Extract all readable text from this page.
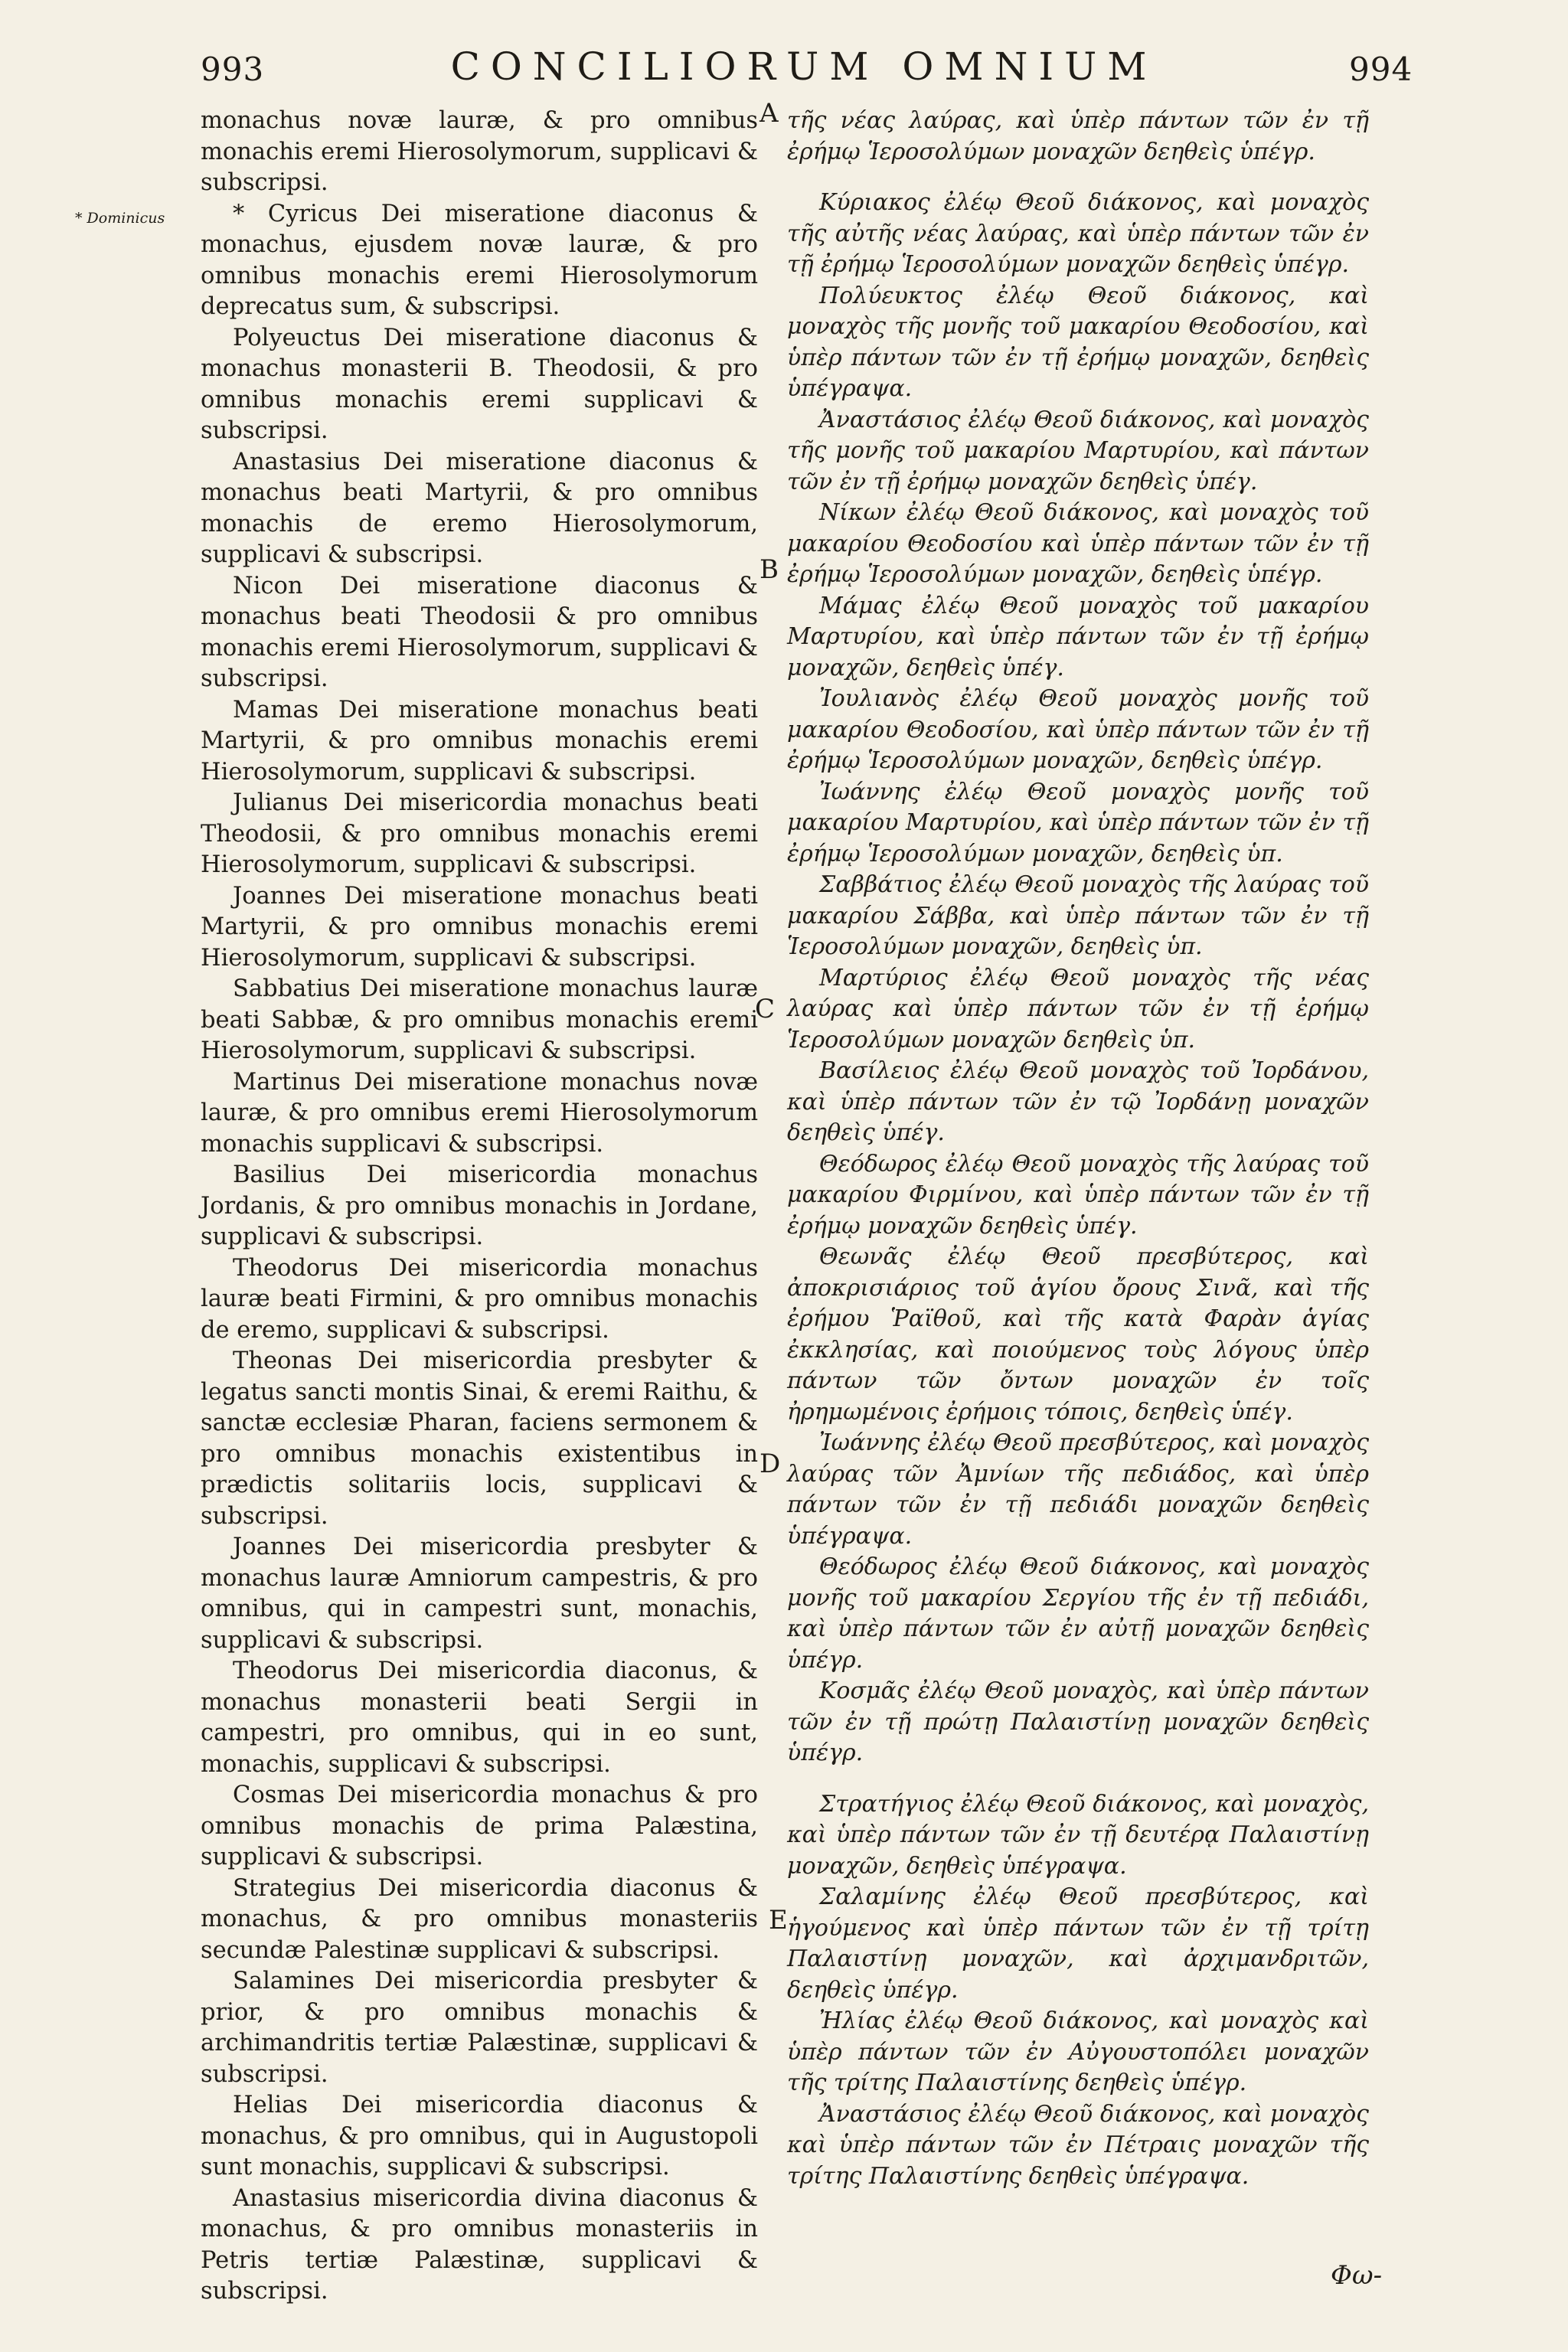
993	CONCILIORUM OMNIUM	994
* Dominicus
A
B
C
D
E

monachus novæ lauræ, & pro omnibus monachis eremi Hierosolymorum, supplicavi & subscripsi.

* Cyricus Dei miseratione diaconus & monachus, ejusdem novæ lauræ, & pro omnibus monachis eremi Hierosolymorum deprecatus sum, & subscripsi.

Polyeuctus Dei miseratione diaconus & monachus monasterii B. Theodosii, & pro omnibus monachis eremi supplicavi & subscripsi.

Anastasius Dei miseratione diaconus & monachus beati Martyrii, & pro omnibus monachis de eremo Hierosolymorum, supplicavi & subscripsi.

Nicon Dei miseratione diaconus & monachus beati Theodosii & pro omnibus monachis eremi Hierosolymorum, supplicavi & subscripsi.

Mamas Dei miseratione monachus beati Martyrii, & pro omnibus monachis eremi Hierosolymorum, supplicavi & subscripsi.

Julianus Dei misericordia monachus beati Theodosii, & pro omnibus monachis eremi Hierosolymorum, supplicavi & subscripsi.

Joannes Dei miseratione monachus beati Martyrii, & pro omnibus monachis eremi Hierosolymorum, supplicavi & subscripsi.

Sabbatius Dei miseratione monachus lauræ beati Sabbæ, & pro omnibus monachis eremi Hierosolymorum, supplicavi & subscripsi.

Martinus Dei miseratione monachus novæ lauræ, & pro omnibus eremi Hierosolymorum monachis supplicavi & subscripsi.

Basilius Dei misericordia monachus Jordanis, & pro omnibus monachis in Jordane, supplicavi & subscripsi.

Theodorus Dei misericordia monachus lauræ beati Firmini, & pro omnibus monachis de eremo, supplicavi & subscripsi.

Theonas Dei misericordia presbyter & legatus sancti montis Sinai, & eremi Raithu, & sanctæ ecclesiæ Pharan, faciens sermonem & pro omnibus monachis existentibus in prædictis solitariis locis, supplicavi & subscripsi.

Joannes Dei misericordia presbyter & monachus lauræ Amniorum campestris, & pro omnibus, qui in campestri sunt, monachis, supplicavi & subscripsi.

Theodorus Dei misericordia diaconus, & monachus monasterii beati Sergii in campestri, pro omnibus, qui in eo sunt, monachis, supplicavi & subscripsi.

Cosmas Dei misericordia monachus & pro omnibus monachis de prima Palæstina, supplicavi & subscripsi.

Strategius Dei misericordia diaconus & monachus, & pro omnibus monasteriis secundæ Palestinæ supplicavi & subscripsi.

Salamines Dei misericordia presbyter & prior, & pro omnibus monachis & archimandritis tertiæ Palæstinæ, supplicavi & subscripsi.

Helias Dei misericordia diaconus & monachus, & pro omnibus, qui in Augustopoli sunt monachis, supplicavi & subscripsi.

Anastasius misericordia divina diaconus & monachus, & pro omnibus monasteriis in Petris tertiæ Palæstinæ, supplicavi & subscripsi.

τῆς νέας λαύρας, καὶ ὑπὲρ πάντων τῶν ἐν τῇ ἐρήμῳ Ἱεροσολύμων μοναχῶν δεηθεὶς ὑπέγρ.

Κύριακος ἐλέῳ Θεοῦ διάκονος, καὶ μοναχὸς τῆς αὐτῆς νέας λαύρας, καὶ ὑπὲρ πάντων τῶν ἐν τῇ ἐρήμῳ Ἱεροσολύμων μοναχῶν δεηθεὶς ὑπέγρ.

Πολύευκτος ἐλέῳ Θεοῦ διάκονος, καὶ μοναχὸς τῆς μονῆς τοῦ μακαρίου Θεοδοσίου, καὶ ὑπὲρ πάντων τῶν ἐν τῇ ἐρήμῳ μοναχῶν, δεηθεὶς ὑπέγραψα.

Ἀναστάσιος ἐλέῳ Θεοῦ διάκονος, καὶ μοναχὸς τῆς μονῆς τοῦ μακαρίου Μαρτυρίου, καὶ πάντων τῶν ἐν τῇ ἐρήμῳ μοναχῶν δεηθεὶς ὑπέγ.

Νίκων ἐλέῳ Θεοῦ διάκονος, καὶ μοναχὸς τοῦ μακαρίου Θεοδοσίου καὶ ὑπὲρ πάντων τῶν ἐν τῇ ἐρήμῳ Ἱεροσολύμων μοναχῶν, δεηθεὶς ὑπέγρ.

Μάμας ἐλέῳ Θεοῦ μοναχὸς τοῦ μακαρίου Μαρτυρίου, καὶ ὑπὲρ πάντων τῶν ἐν τῇ ἐρήμῳ μοναχῶν, δεηθεὶς ὑπέγ.

Ἰουλιανὸς ἐλέῳ Θεοῦ μοναχὸς μονῆς τοῦ μακαρίου Θεοδοσίου, καὶ ὑπὲρ πάντων τῶν ἐν τῇ ἐρήμῳ Ἱεροσολύμων μοναχῶν, δεηθεὶς ὑπέγρ.

Ἰωάννης ἐλέῳ Θεοῦ μοναχὸς μονῆς τοῦ μακαρίου Μαρτυρίου, καὶ ὑπὲρ πάντων τῶν ἐν τῇ ἐρήμῳ Ἱεροσολύμων μοναχῶν, δεηθεὶς ὑπ.

Σαββάτιος ἐλέῳ Θεοῦ μοναχὸς τῆς λαύρας τοῦ μακαρίου Σάββα, καὶ ὑπὲρ πάντων τῶν ἐν τῇ Ἱεροσολύμων μοναχῶν, δεηθεὶς ὑπ.

Μαρτύριος ἐλέῳ Θεοῦ μοναχὸς τῆς νέας λαύρας καὶ ὑπὲρ πάντων τῶν ἐν τῇ ἐρήμῳ Ἱεροσολύμων μοναχῶν δεηθεὶς ὑπ.

Βασίλειος ἐλέῳ Θεοῦ μοναχὸς τοῦ Ἰορδάνου, καὶ ὑπὲρ πάντων τῶν ἐν τῷ Ἰορδάνῃ μοναχῶν δεηθεὶς ὑπέγ.

Θεόδωρος ἐλέῳ Θεοῦ μοναχὸς τῆς λαύρας τοῦ μακαρίου Φιρμίνου, καὶ ὑπὲρ πάντων τῶν ἐν τῇ ἐρήμῳ μοναχῶν δεηθεὶς ὑπέγ.

Θεωνᾶς ἐλέῳ Θεοῦ πρεσβύτερος, καὶ ἀποκρισιάριος τοῦ ἁγίου ὄρους Σινᾶ, καὶ τῆς ἐρήμου Ῥαϊθοῦ, καὶ τῆς κατὰ Φαρὰν ἁγίας ἐκκλησίας, καὶ ποιούμενος τοὺς λόγους ὑπὲρ πάντων τῶν ὄντων μοναχῶν ἐν τοῖς ἠρημωμένοις ἐρήμοις τόποις, δεηθεὶς ὑπέγ.

Ἰωάννης ἐλέῳ Θεοῦ πρεσβύτερος, καὶ μοναχὸς λαύρας τῶν Ἀμνίων τῆς πεδιάδος, καὶ ὑπὲρ πάντων τῶν ἐν τῇ πεδιάδι μοναχῶν δεηθεὶς ὑπέγραψα.

Θεόδωρος ἐλέῳ Θεοῦ διάκονος, καὶ μοναχὸς μονῆς τοῦ μακαρίου Σεργίου τῆς ἐν τῇ πεδιάδι, καὶ ὑπὲρ πάντων τῶν ἐν αὐτῇ μοναχῶν δεηθεὶς ὑπέγρ.

Κοσμᾶς ἐλέῳ Θεοῦ μοναχὸς, καὶ ὑπὲρ πάντων τῶν ἐν τῇ πρώτῃ Παλαιστίνῃ μοναχῶν δεηθεὶς ὑπέγρ.

Στρατήγιος ἐλέῳ Θεοῦ διάκονος, καὶ μοναχὸς, καὶ ὑπὲρ πάντων τῶν ἐν τῇ δευτέρᾳ Παλαιστίνῃ μοναχῶν, δεηθεὶς ὑπέγραψα.

Σαλαμίνης ἐλέῳ Θεοῦ πρεσβύτερος, καὶ ἡγούμενος καὶ ὑπὲρ πάντων τῶν ἐν τῇ τρίτῃ Παλαιστίνῃ μοναχῶν, καὶ ἀρχιμανδριτῶν, δεηθεὶς ὑπέγρ.

Ἠλίας ἐλέῳ Θεοῦ διάκονος, καὶ μοναχὸς καὶ ὑπὲρ πάντων τῶν ἐν Αὐγουστοπόλει μοναχῶν τῆς τρίτης Παλαιστίνης δεηθεὶς ὑπέγρ.

Ἀναστάσιος ἐλέῳ Θεοῦ διάκονος, καὶ μοναχὸς καὶ ὑπὲρ πάντων τῶν ἐν Πέτραις μοναχῶν τῆς τρίτης Παλαιστίνης δεηθεὶς ὑπέγραψα.

Φω-
